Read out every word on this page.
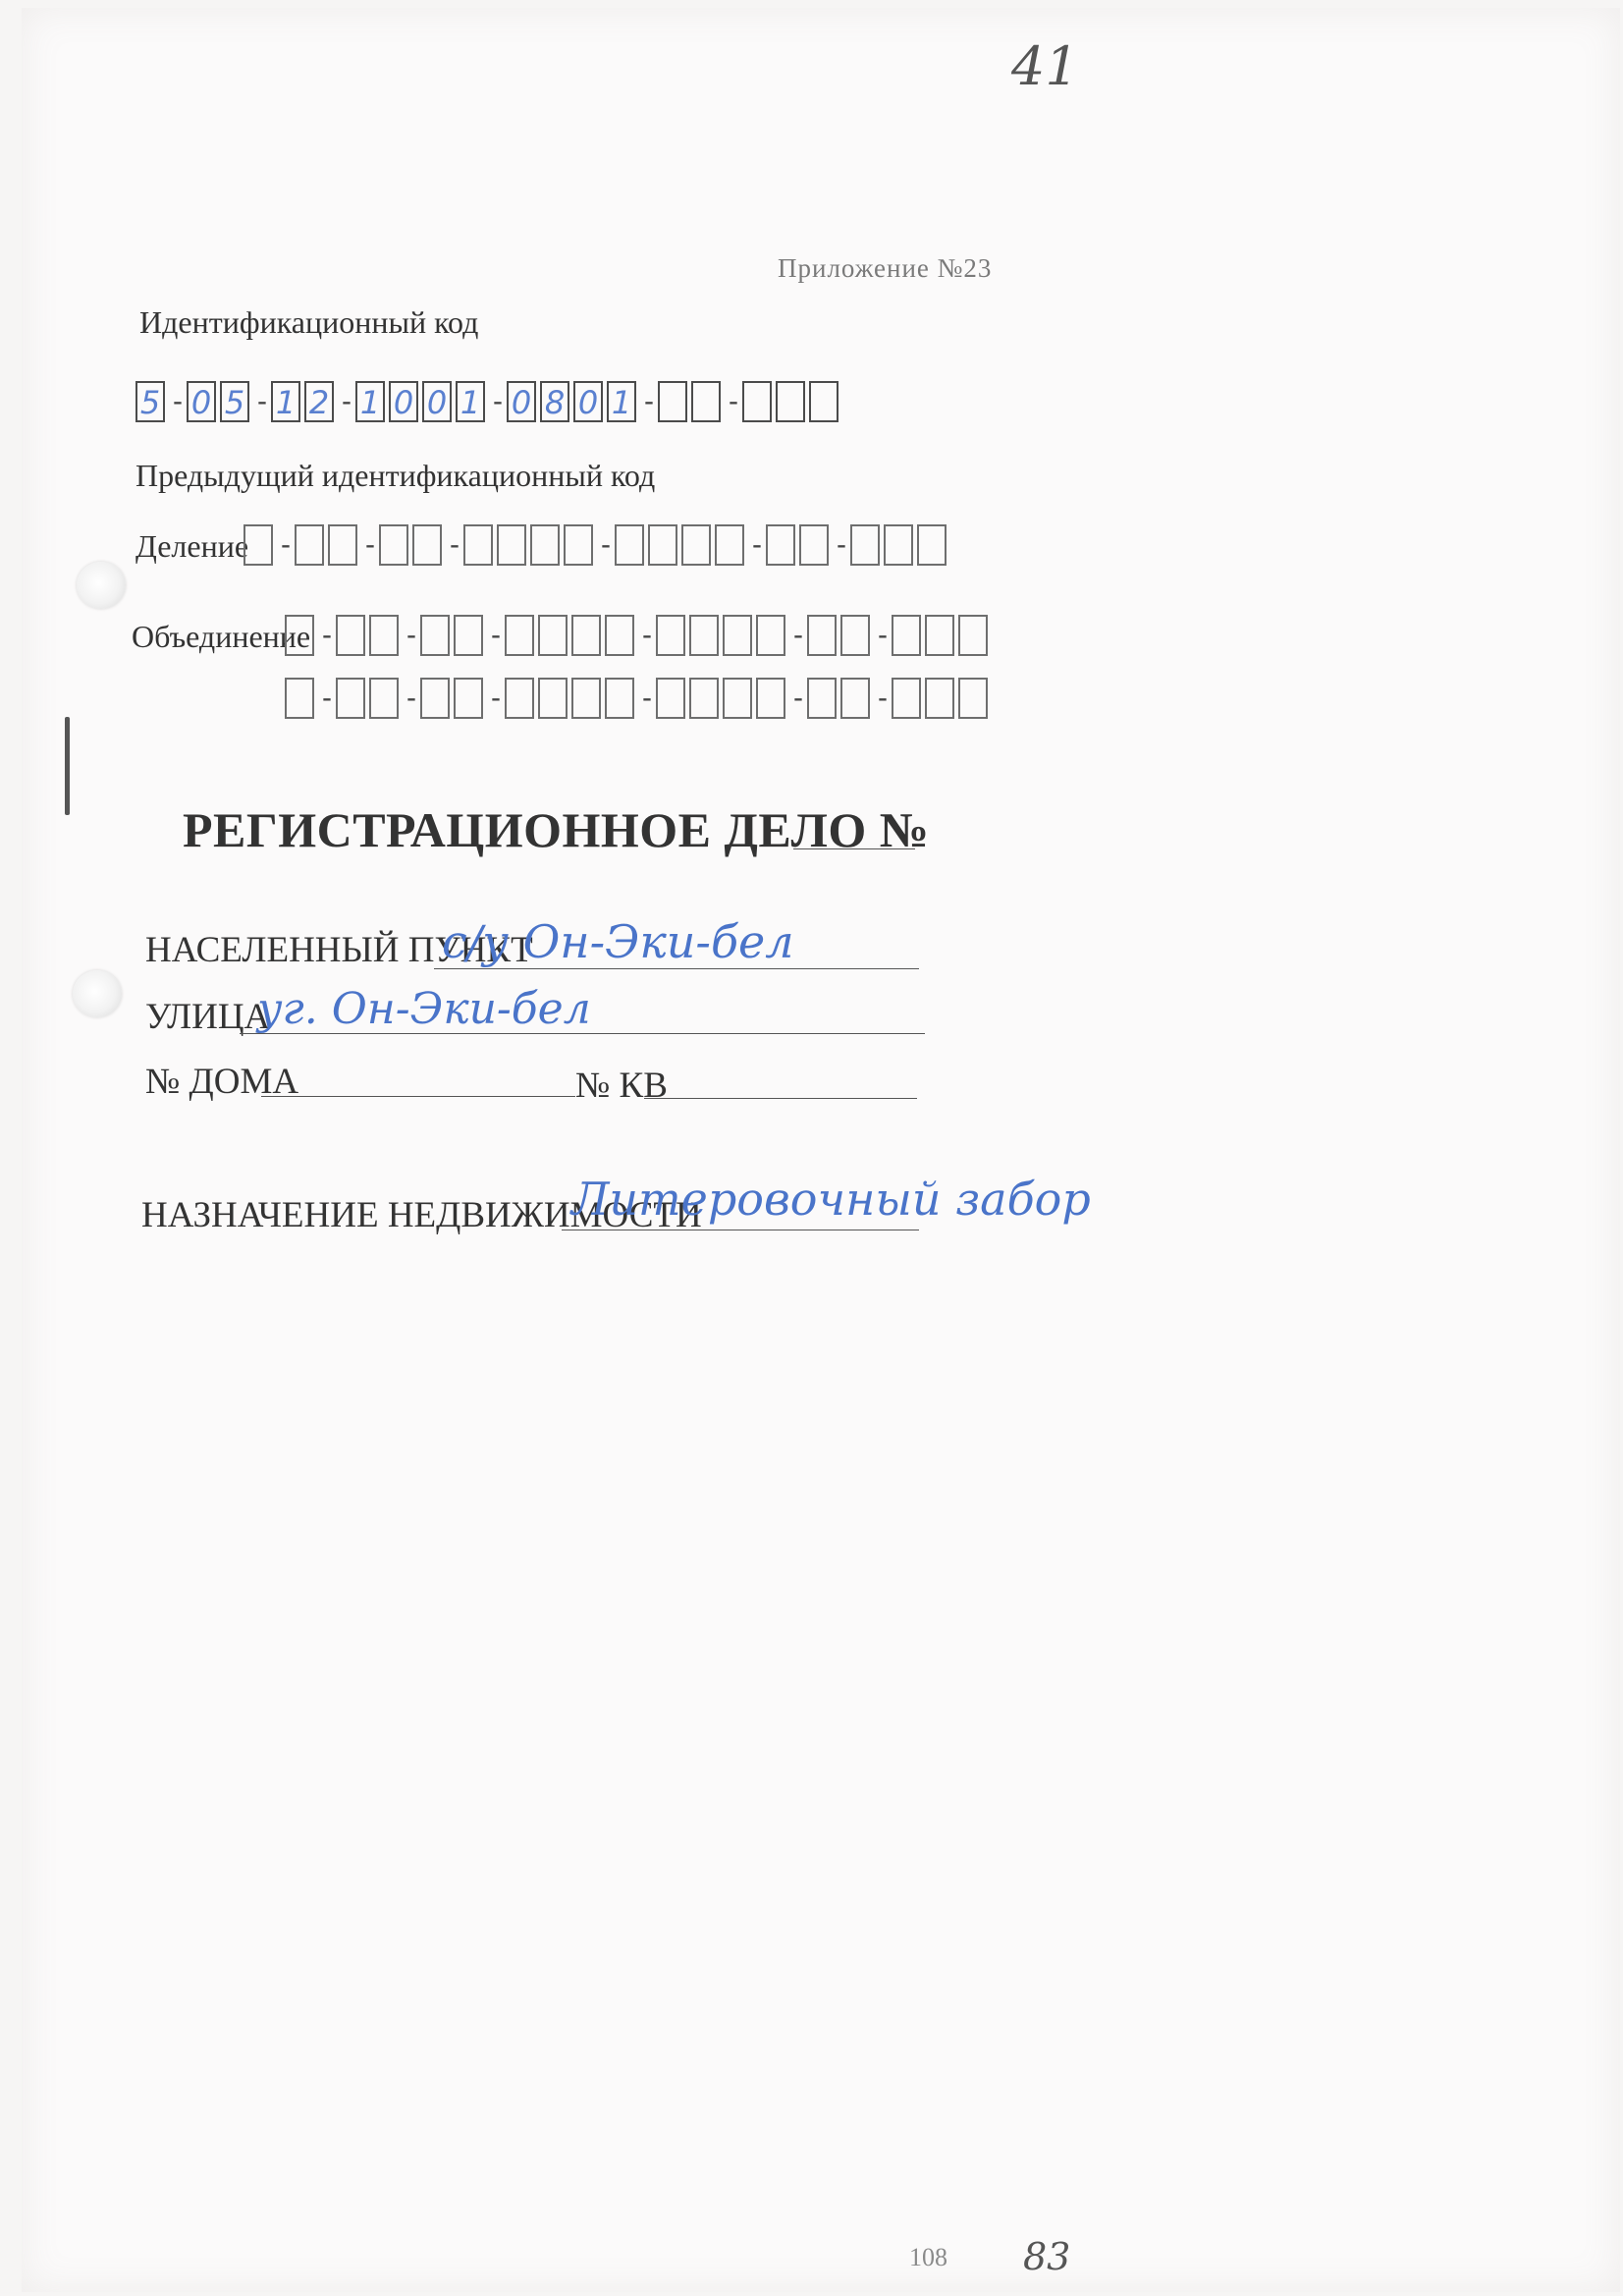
41
Приложение №23
Идентификационный код
5 - 0 5 - 1 2 - 1 0 0 1 - 0 8 0 1 -	-
Предыдущий идентификационный код
Деление -	-	-	-	-	-
Объединение -	-	-	-	-	-
-	-	-	-	-	-
РЕГИСТРАЦИОННОЕ ДЕЛО №
НАСЕЛЕННЫЙ ПУНКТ
с/у Он-Эки-бел
УЛИЦА
уг. Он-Эки-бел
№ ДОМА	№ КВ
НАЗНАЧЕНИЕ НЕДВИЖИМОСТИ
Литеровочный забор
108 83
